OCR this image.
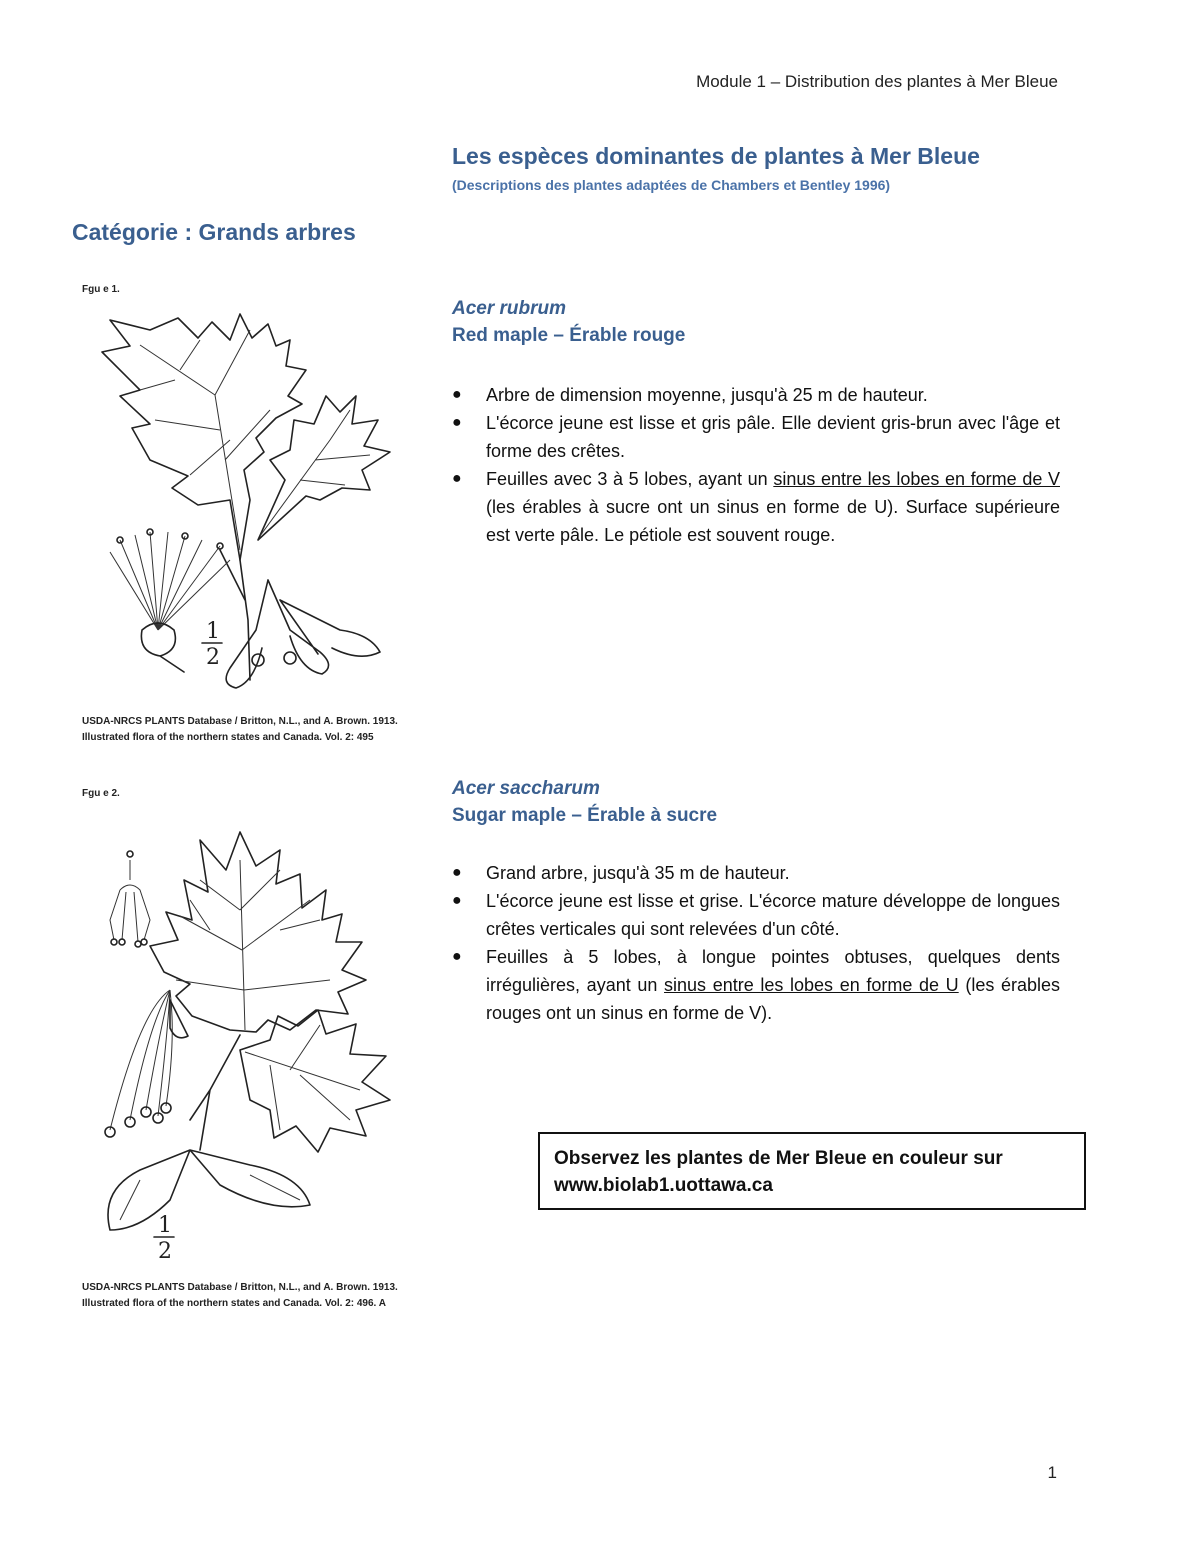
Module 1 – Distribution des plantes à Mer Bleue
Les espèces dominantes de plantes à Mer Bleue
(Descriptions des plantes adaptées de Chambers et Bentley 1996)
Catégorie : Grands arbres
Fgu e 1.
1
2
USDA-NRCS PLANTS Database / Britton, N.L., and A. Brown. 1913. Illustrated flora of the northern states and Canada. Vol. 2: 495
Acer rubrum
Red maple – Érable rouge
● Arbre de dimension moyenne, jusqu'à 25 m de hauteur.
● L'écorce jeune est lisse et gris pâle. Elle devient gris-brun avec l'âge et forme des crêtes.
● Feuilles avec 3 à 5 lobes, ayant un sinus entre les lobes en forme de V (les érables à sucre ont un sinus en forme de U). Surface supérieure est verte pâle. Le pétiole est souvent rouge.
Fgu e 2.
1
2
USDA-NRCS PLANTS Database / Britton, N.L., and A. Brown. 1913. Illustrated flora of the northern states and Canada. Vol. 2: 496. A
Acer saccharum
Sugar maple – Érable à sucre
● Grand arbre, jusqu'à 35 m de hauteur.
● L'écorce jeune est lisse et grise. L'écorce mature développe de longues crêtes verticales qui sont relevées d'un côté.
● Feuilles à 5 lobes, à longue pointes obtuses, quelques dents irrégulières, ayant un sinus entre les lobes en forme de U (les érables rouges ont un sinus en forme de V).
Observez les plantes de Mer Bleue en couleur sur
www.biolab1.uottawa.ca
1
